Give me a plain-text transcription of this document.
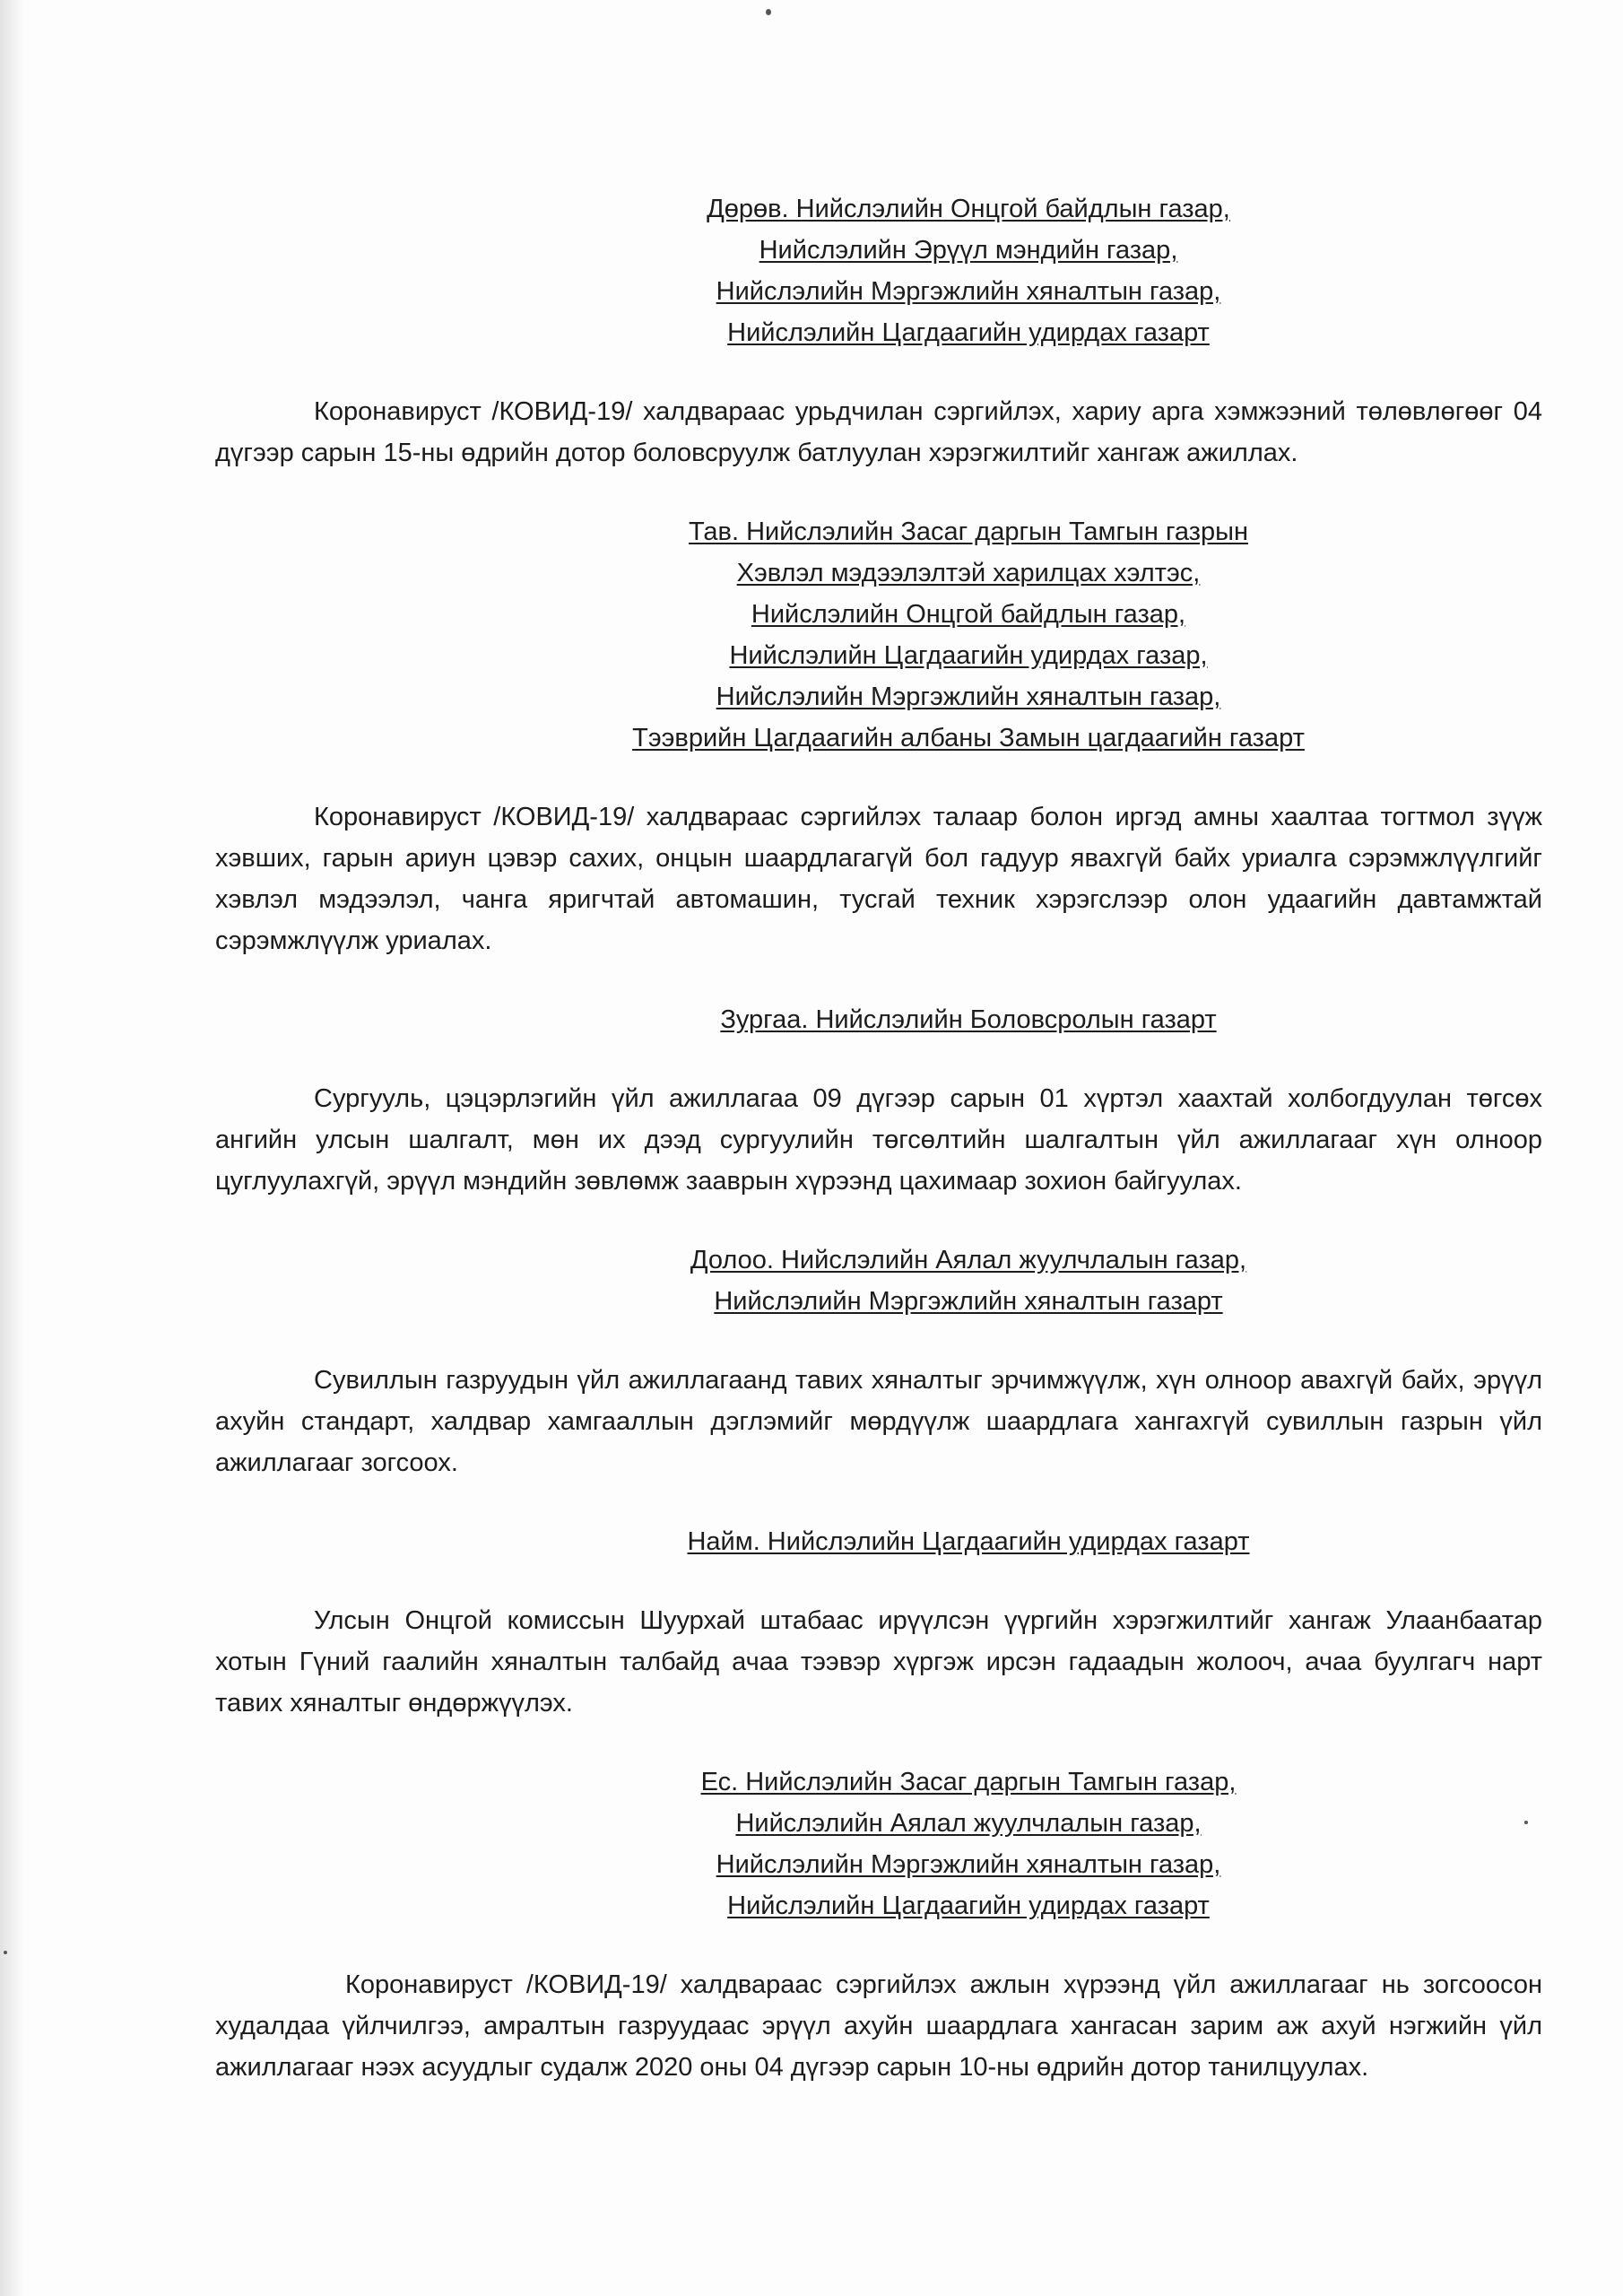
Дөрөв. Нийслэлийн Онцгой байдлын газар,
Нийслэлийн Эрүүл мэндийн газар,
Нийслэлийн Мэргэжлийн хяналтын газар,
Нийслэлийн Цагдаагийн удирдах газарт

Коронавируст /КОВИД-19/ халдвараас урьдчилан сэргийлэх, хариу арга хэмжээний төлөвлөгөөг 04 дүгээр сарын 15-ны өдрийн дотор боловсруулж батлуулан хэрэгжилтийг хангаж ажиллах.

Тав. Нийслэлийн Засаг даргын Тамгын газрын
Хэвлэл мэдээлэлтэй харилцах хэлтэс,
Нийслэлийн Онцгой байдлын газар,
Нийслэлийн Цагдаагийн удирдах газар,
Нийслэлийн Мэргэжлийн хяналтын газар,
Тээврийн Цагдаагийн албаны Замын цагдаагийн газарт

Коронавируст /КОВИД-19/ халдвараас сэргийлэх талаар болон иргэд амны хаалтаа тогтмол зүүж хэвших, гарын ариун цэвэр сахих, онцын шаардлагагүй бол гадуур явахгүй байх уриалга сэрэмжлүүлгийг хэвлэл мэдээлэл, чанга яригчтай автомашин, тусгай техник хэрэгслээр олон удаагийн давтамжтай сэрэмжлүүлж уриалах.

Зургаа. Нийслэлийн Боловсролын газарт

Сургууль, цэцэрлэгийн үйл ажиллагаа 09 дүгээр сарын 01 хүртэл хаахтай холбогдуулан төгсөх ангийн улсын шалгалт, мөн их дээд сургуулийн төгсөлтийн шалгалтын үйл ажиллагааг хүн олноор цуглуулахгүй, эрүүл мэндийн зөвлөмж зааврын хүрээнд цахимаар зохион байгуулах.

Долоо. Нийслэлийн Аялал жуулчлалын газар,
Нийслэлийн Мэргэжлийн хяналтын газарт

Сувиллын газруудын үйл ажиллагаанд тавих хяналтыг эрчимжүүлж, хүн олноор авахгүй байх, эрүүл ахуйн стандарт, халдвар хамгааллын дэглэмийг мөрдүүлж шаардлага хангахгүй сувиллын газрын үйл ажиллагааг зогсоох.

Найм. Нийслэлийн Цагдаагийн удирдах газарт

Улсын Онцгой комиссын Шуурхай штабаас ирүүлсэн үүргийн хэрэгжилтийг хангаж Улаанбаатар хотын Гүний гаалийн хяналтын талбайд ачаа тээвэр хүргэж ирсэн гадаадын жолооч, ачаа буулгагч нарт тавих хяналтыг өндөржүүлэх.

Ес. Нийслэлийн Засаг даргын Тамгын газар,
Нийслэлийн Аялал жуулчлалын газар,
Нийслэлийн Мэргэжлийн хяналтын газар,
Нийслэлийн Цагдаагийн удирдах газарт

Коронавируст /КОВИД-19/ халдвараас сэргийлэх ажлын хүрээнд үйл ажиллагааг нь зогсоосон худалдаа үйлчилгээ, амралтын газруудаас эрүүл ахуйн шаардлага хангасан зарим аж ахуй нэгжийн үйл ажиллагааг нээх асуудлыг судалж 2020 оны 04 дүгээр сарын 10-ны өдрийн дотор танилцуулах.
